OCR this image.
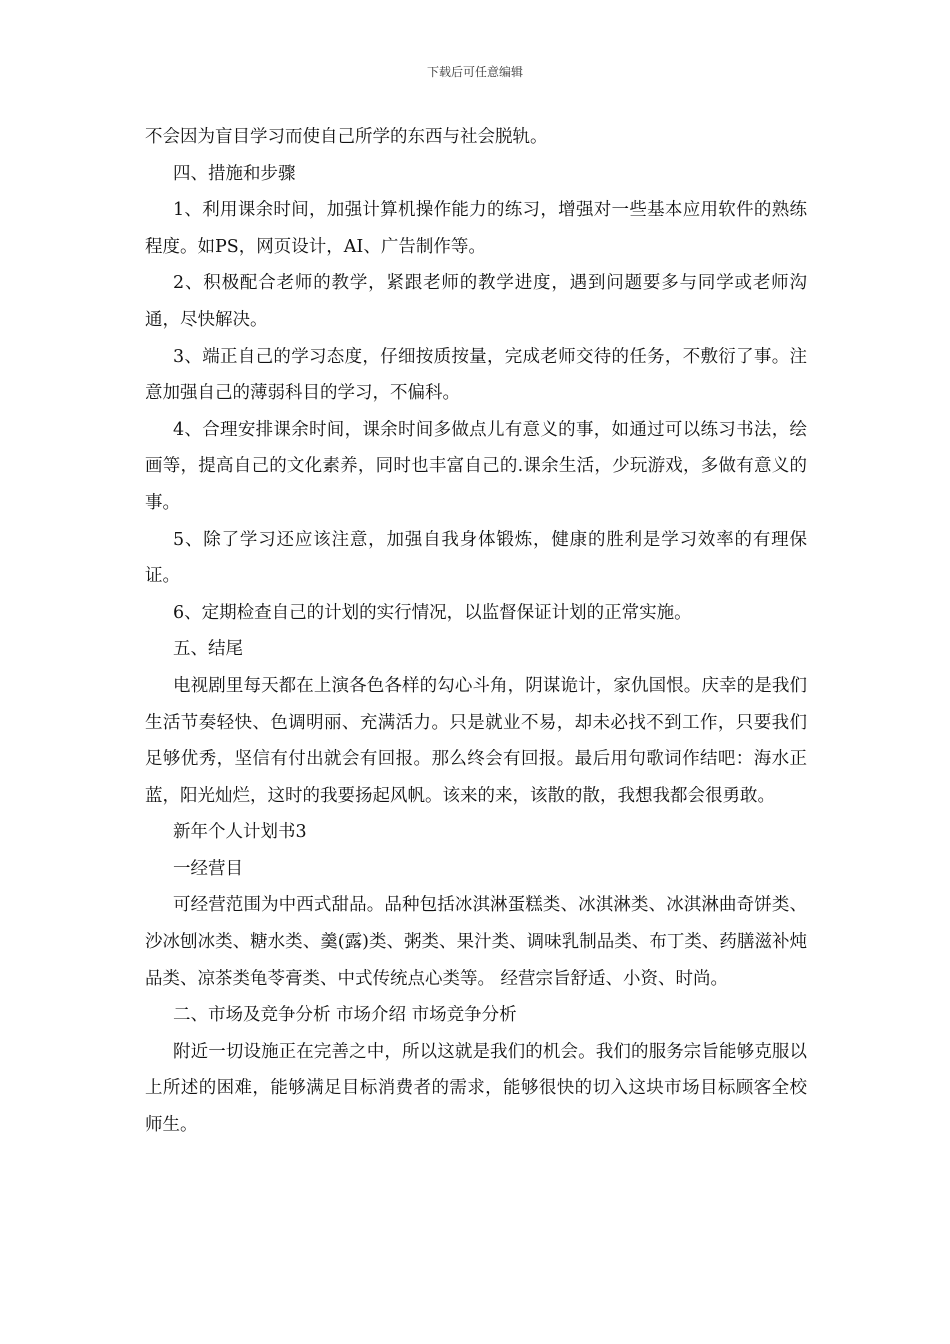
下载后可任意编辑

不会因为盲目学习而使自己所学的东西与社会脱轨。

四、措施和步骤

1、利用课余时间，加强计算机操作能力的练习，增强对一些基本应用软件的熟练程度。如PS，网页设计，AI、广告制作等。

2、积极配合老师的教学，紧跟老师的教学进度，遇到问题要多与同学或老师沟通，尽快解决。

3、端正自己的学习态度，仔细按质按量，完成老师交待的任务，不敷衍了事。注意加强自己的薄弱科目的学习，不偏科。

4、合理安排课余时间，课余时间多做点儿有意义的事，如通过可以练习书法，绘画等，提高自己的文化素养，同时也丰富自己的.课余生活，少玩游戏，多做有意义的事。

5、除了学习还应该注意，加强自我身体锻炼，健康的胜利是学习效率的有理保证。

6、定期检查自己的计划的实行情况，以监督保证计划的正常实施。

五、结尾

电视剧里每天都在上演各色各样的勾心斗角，阴谋诡计，家仇国恨。庆幸的是我们生活节奏轻快、色调明丽、充满活力。只是就业不易，却未必找不到工作，只要我们足够优秀，坚信有付出就会有回报。那么终会有回报。最后用句歌词作结吧：海水正蓝，阳光灿烂，这时的我要扬起风帆。该来的来，该散的散，我想我都会很勇敢。

新年个人计划书3

一经营目

可经营范围为中西式甜品。品种包括冰淇淋蛋糕类、冰淇淋类、冰淇淋曲奇饼类、沙冰刨冰类、糖水类、羹(露)类、粥类、果汁类、调味乳制品类、布丁类、药膳滋补炖品类、凉茶类龟苓膏类、中式传统点心类等。 经营宗旨舒适、小资、时尚。

二、市场及竞争分析 市场介绍 市场竞争分析

附近一切设施正在完善之中，所以这就是我们的机会。我们的服务宗旨能够克服以上所述的困难，能够满足目标消费者的需求，能够很快的切入这块市场目标顾客全校师生。
